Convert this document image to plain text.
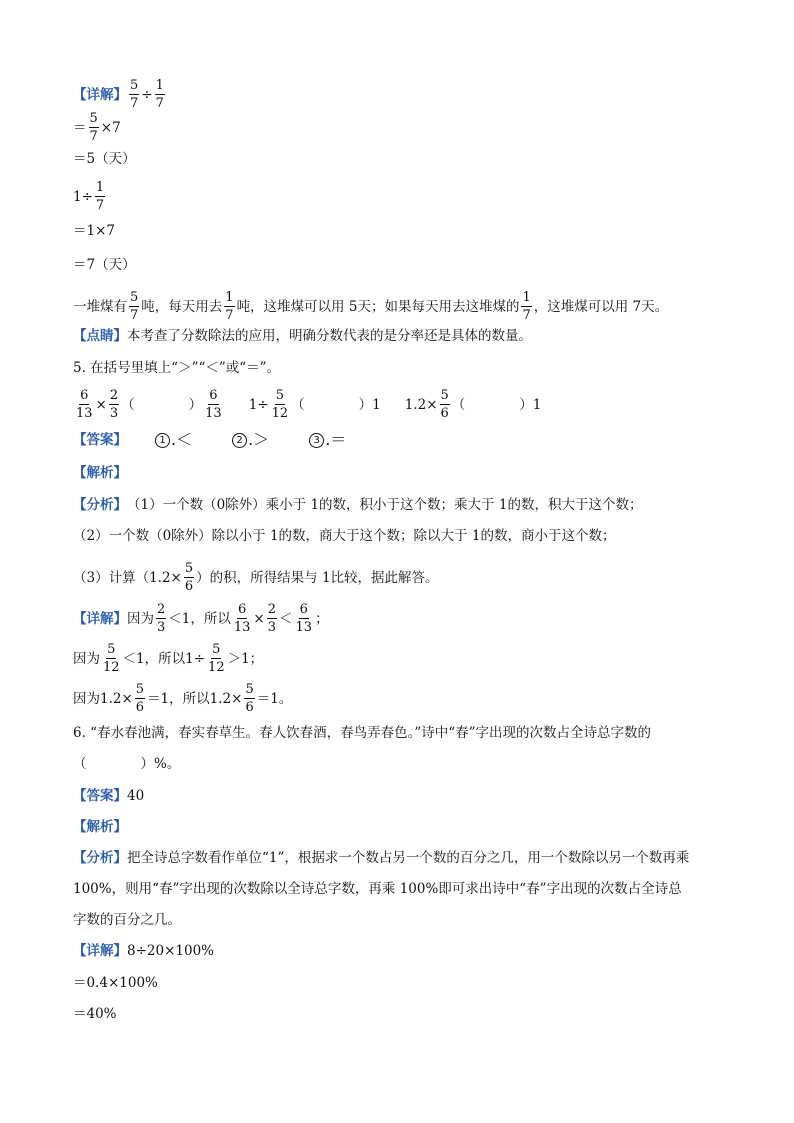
【详解】 $\frac{5}{7} \div \frac{1}{7}$
＝ $\frac{5}{7} \times 7$
＝5（天）
$1\div \frac{1}{7}$
＝1×7
＝7（天）
一堆煤有 $\frac{5}{7}$ 吨，每天用去 $\frac{1}{7}$ 吨，这堆煤可以用 5天；如果每天用去这堆煤的 $\frac{1}{7}$ ，这堆煤可以用 7天。
【点睛】 本考查了分数除法的应用，明确分数代表的是分率还是具体的数量。
5. 在括号里填上“＞”“＜”或“＝”。
$\frac{6}{13} \times \frac{2}{3}$ （　　　　） $\frac{6}{13} 1\div \frac{5}{12}$ （　　　　）1 $1.2\times \frac{5}{6}$ （　　　　）1
【答案】	1 .＜	2 .＞	3 .＝
【解析】
【分析】 （1）一个数（0除外）乘小于 1的数，积小于这个数；乘大于 1的数，积大于这个数；
（2）一个数（0除外）除以小于 1的数，商大于这个数；除以大于 1的数，商小于这个数；
（3）计算（$1.2\times \frac{5}{6}$ ）的积，所得结果与 1比较，据此解答。
【详解】 因为 $\frac{2}{3} <1$，所以 $\frac{6}{13} \times \frac{2}{3} < \frac{6}{13}$ ；
因为 $\frac{5}{12} <1$，所以$1\div \frac{5}{12} >1$；
因为$1.2\times \frac{5}{6} =1$，所以$1.2\times \frac{5}{6} =1$。
6. “春水春池满，春实春草生。春人饮春酒，春鸟弄春色。”诗中“春”字出现的次数占全诗总字数的
（　　　　）%。
【答案】 40
【解析】
【分析】 把全诗总字数看作单位“1”，根据求一个数占另一个数的百分之几，用一个数除以另一个数再乘
100%，则用“春”字出现的次数除以全诗总字数，再乘 100%即可求出诗中“春”字出现的次数占全诗总
字数的百分之几。
【详解】 8÷20×100%
＝0.4×100%
＝40%
